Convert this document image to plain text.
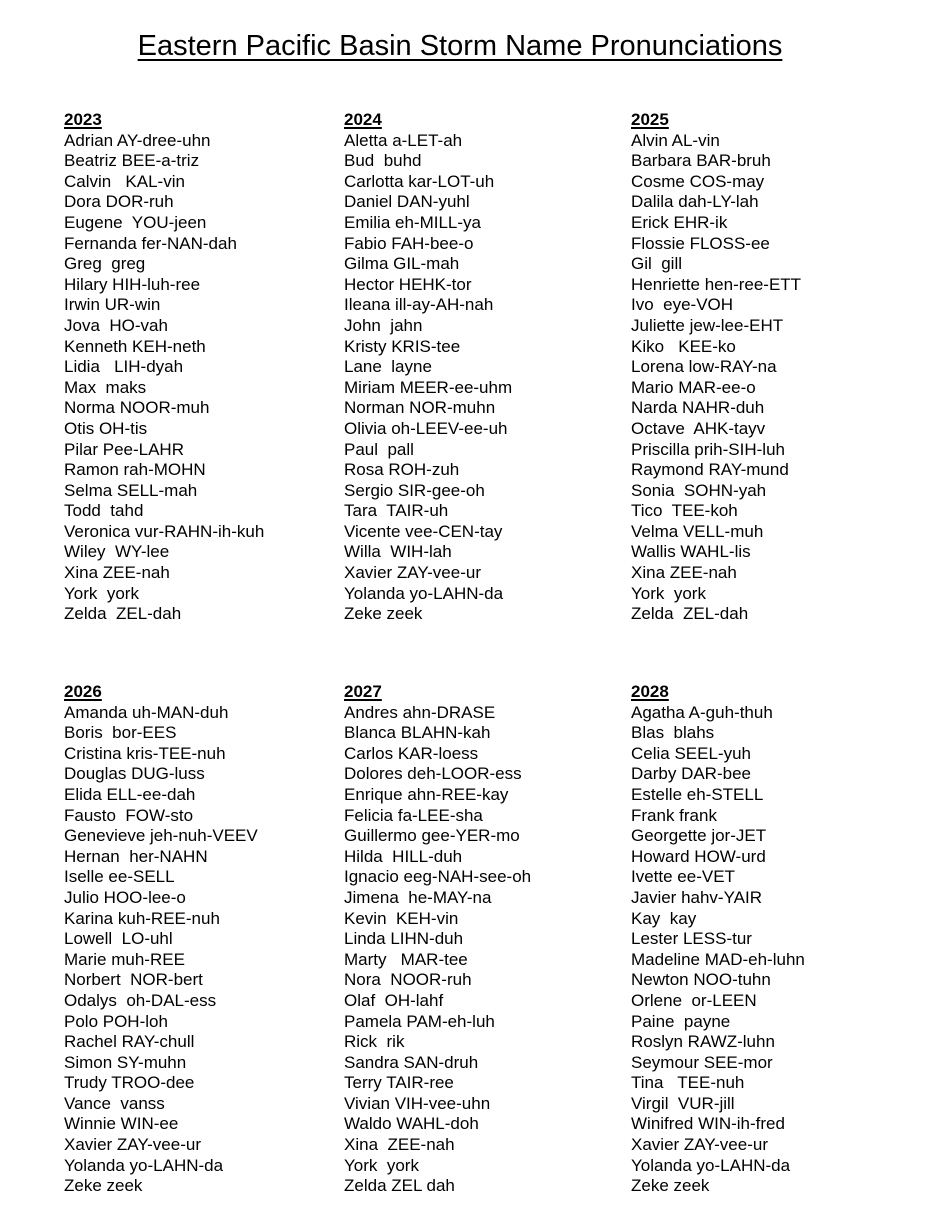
Eastern Pacific Basin Storm Name Pronunciations
2023
Adrian AY-dree-uhn
Beatriz BEE-a-triz
Calvin   KAL-vin
Dora DOR-ruh
Eugene  YOU-jeen
Fernanda fer-NAN-dah
Greg  greg
Hilary HIH-luh-ree
Irwin UR-win
Jova  HO-vah
Kenneth KEH-neth
Lidia   LIH-dyah
Max  maks
Norma NOOR-muh
Otis OH-tis
Pilar Pee-LAHR
Ramon rah-MOHN
Selma SELL-mah
Todd  tahd
Veronica vur-RAHN-ih-kuh
Wiley  WY-lee
Xina ZEE-nah
York  york
Zelda  ZEL-dah
2024
Aletta a-LET-ah
Bud  buhd
Carlotta kar-LOT-uh
Daniel DAN-yuhl
Emilia eh-MILL-ya
Fabio FAH-bee-o
Gilma GIL-mah
Hector HEHK-tor
Ileana ill-ay-AH-nah
John  jahn
Kristy KRIS-tee
Lane  layne
Miriam MEER-ee-uhm
Norman NOR-muhn
Olivia oh-LEEV-ee-uh
Paul  pall
Rosa ROH-zuh
Sergio SIR-gee-oh
Tara  TAIR-uh
Vicente vee-CEN-tay
Willa  WIH-lah
Xavier ZAY-vee-ur
Yolanda yo-LAHN-da
Zeke zeek
2025
Alvin AL-vin
Barbara BAR-bruh
Cosme COS-may
Dalila dah-LY-lah
Erick EHR-ik
Flossie FLOSS-ee
Gil  gill
Henriette hen-ree-ETT
Ivo  eye-VOH
Juliette jew-lee-EHT
Kiko   KEE-ko
Lorena low-RAY-na
Mario MAR-ee-o
Narda NAHR-duh
Octave  AHK-tayv
Priscilla prih-SIH-luh
Raymond RAY-mund
Sonia  SOHN-yah
Tico  TEE-koh
Velma VELL-muh
Wallis WAHL-lis
Xina ZEE-nah
York  york
Zelda  ZEL-dah
2026
Amanda uh-MAN-duh
Boris  bor-EES
Cristina kris-TEE-nuh
Douglas DUG-luss
Elida ELL-ee-dah
Fausto  FOW-sto
Genevieve jeh-nuh-VEEV
Hernan  her-NAHN
Iselle ee-SELL
Julio HOO-lee-o
Karina kuh-REE-nuh
Lowell  LO-uhl
Marie muh-REE
Norbert  NOR-bert
Odalys  oh-DAL-ess
Polo POH-loh
Rachel RAY-chull
Simon SY-muhn
Trudy TROO-dee
Vance  vanss
Winnie WIN-ee
Xavier ZAY-vee-ur
Yolanda yo-LAHN-da
Zeke zeek
2027
Andres ahn-DRASE
Blanca BLAHN-kah
Carlos KAR-loess
Dolores deh-LOOR-ess
Enrique ahn-REE-kay
Felicia fa-LEE-sha
Guillermo gee-YER-mo
Hilda  HILL-duh
Ignacio eeg-NAH-see-oh
Jimena  he-MAY-na
Kevin  KEH-vin
Linda LIHN-duh
Marty   MAR-tee
Nora  NOOR-ruh
Olaf  OH-lahf
Pamela PAM-eh-luh
Rick  rik
Sandra SAN-druh
Terry TAIR-ree
Vivian VIH-vee-uhn
Waldo WAHL-doh
Xina  ZEE-nah
York  york
Zelda ZEL dah
2028
Agatha A-guh-thuh
Blas  blahs
Celia SEEL-yuh
Darby DAR-bee
Estelle eh-STELL
Frank frank
Georgette jor-JET
Howard HOW-urd
Ivette ee-VET
Javier hahv-YAIR
Kay  kay
Lester LESS-tur
Madeline MAD-eh-luhn
Newton NOO-tuhn
Orlene  or-LEEN
Paine  payne
Roslyn RAWZ-luhn
Seymour SEE-mor
Tina   TEE-nuh
Virgil  VUR-jill
Winifred WIN-ih-fred
Xavier ZAY-vee-ur
Yolanda yo-LAHN-da
Zeke zeek
